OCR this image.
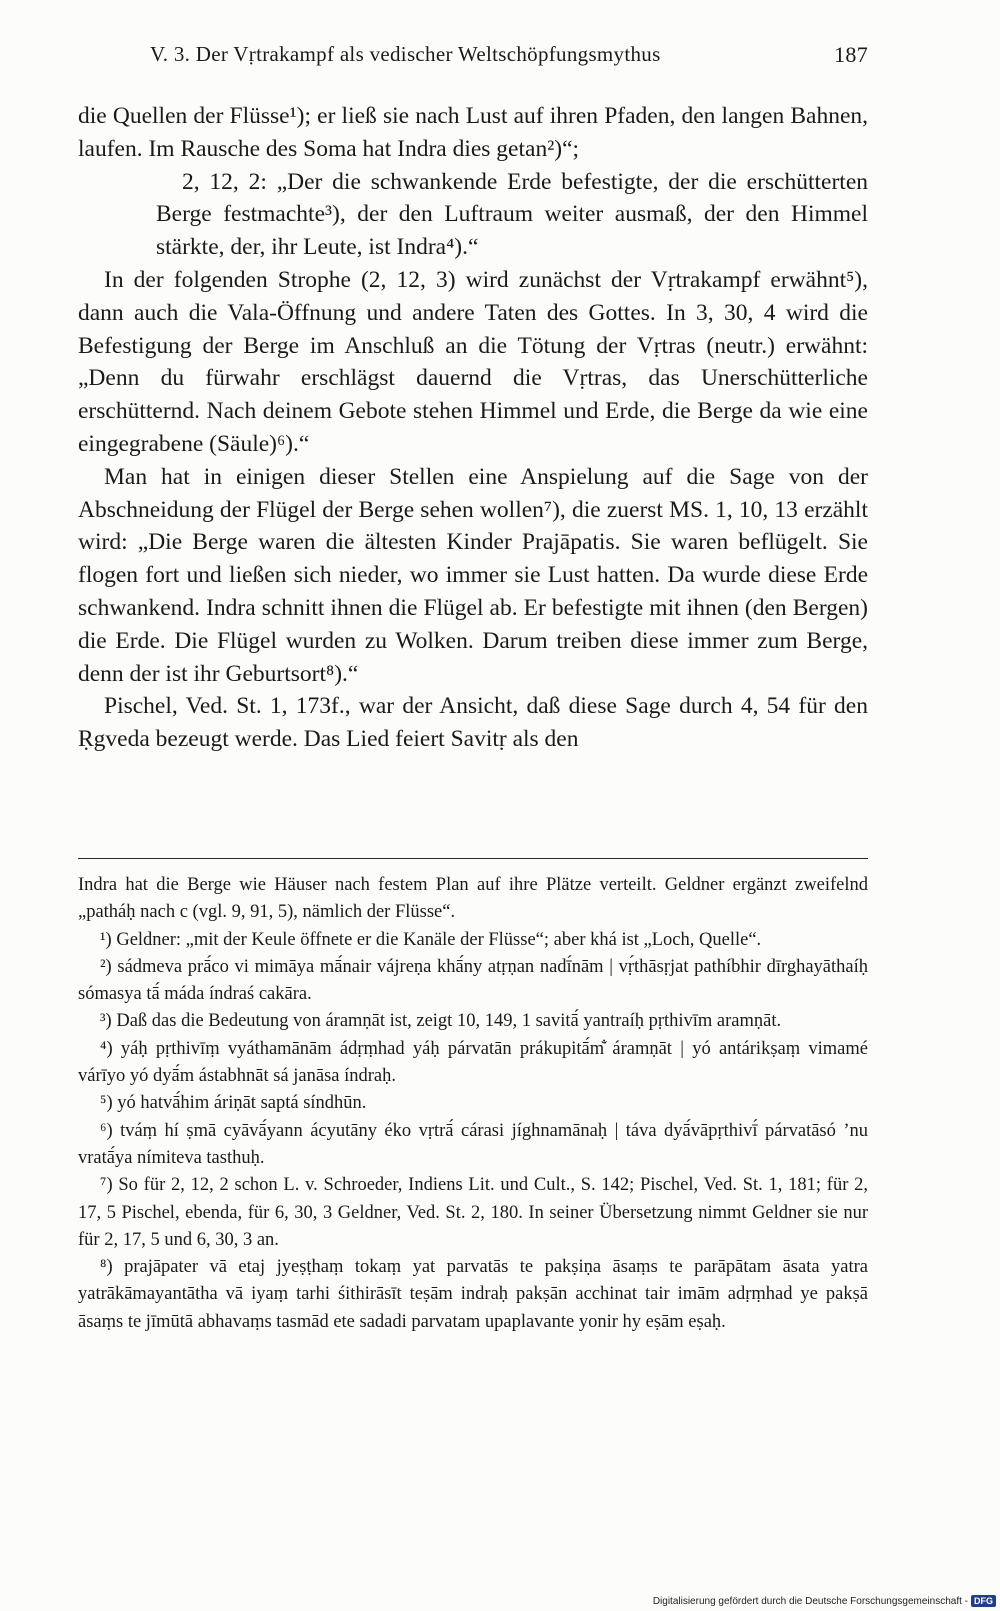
V. 3. Der Vṛtrakampf als vedischer Weltschöpfungsmythus	187

die Quellen der Flüsse¹); er ließ sie nach Lust auf ihren Pfaden, den langen Bahnen, laufen. Im Rausche des Soma hat Indra dies getan²)“;

2, 12, 2: „Der die schwankende Erde befestigte, der die erschütterten Berge festmachte³), der den Luftraum weiter ausmaß, der den Himmel stärkte, der, ihr Leute, ist Indra⁴).“

In der folgenden Strophe (2, 12, 3) wird zunächst der Vṛtrakampf erwähnt⁵), dann auch die Vala-Öffnung und andere Taten des Gottes. In 3, 30, 4 wird die Befestigung der Berge im Anschluß an die Tötung der Vṛtras (neutr.) erwähnt: „Denn du fürwahr erschlägst dauernd die Vṛtras, das Unerschütterliche erschütternd. Nach deinem Gebote stehen Himmel und Erde, die Berge da wie eine eingegrabene (Säule)⁶).“

Man hat in einigen dieser Stellen eine Anspielung auf die Sage von der Abschneidung der Flügel der Berge sehen wollen⁷), die zuerst MS. 1, 10, 13 erzählt wird: „Die Berge waren die ältesten Kinder Prajāpatis. Sie waren beflügelt. Sie flogen fort und ließen sich nieder, wo immer sie Lust hatten. Da wurde diese Erde schwankend. Indra schnitt ihnen die Flügel ab. Er befestigte mit ihnen (den Bergen) die Erde. Die Flügel wurden zu Wolken. Darum treiben diese immer zum Berge, denn der ist ihr Geburtsort⁸).“

Pischel, Ved. St. 1, 173f., war der Ansicht, daß diese Sage durch 4, 54 für den Ṛgveda bezeugt werde. Das Lied feiert Savitṛ als den

Indra hat die Berge wie Häuser nach festem Plan auf ihre Plätze verteilt. Geldner ergänzt zweifelnd „patháḥ nach c (vgl. 9, 91, 5), nämlich der Flüsse“.

¹) Geldner: „mit der Keule öffnete er die Kanäle der Flüsse“; aber khá ist „Loch, Quelle“.

²) sádmeva prā́co vi mimāya mā́nair vájreṇa khā́ny atṛṇan nadī́nām | vṛ́thāsṛjat pathíbhir dīrghayāthaíḥ sómasya tā́ máda índraś cakāra.

³) Daß das die Bedeutung von áramṇāt ist, zeigt 10, 149, 1 savitā́ yantraíḥ pṛthivīm aramṇāt.

⁴) yáḥ pṛthivīṃ vyáthamānām ádṛṃhad yáḥ párvatān prákupitā́m̐ áramṇāt | yó antárikṣaṃ vimamé várīyo yó dyā́m ástabhnāt sá janāsa índraḥ.

⁵) yó hatvā́him áriṇāt saptá síndhūn.

⁶) tváṃ hí ṣmā cyāvā́yann ácyutāny éko vṛtrā́ cárasi jíghnamānaḥ | táva dyā́vāpṛthivī́ párvatāsó ’nu vratā́ya nímiteva tasthuḥ.

⁷) So für 2, 12, 2 schon L. v. Schroeder, Indiens Lit. und Cult., S. 142; Pischel, Ved. St. 1, 181; für 2, 17, 5 Pischel, ebenda, für 6, 30, 3 Geldner, Ved. St. 2, 180. In seiner Übersetzung nimmt Geldner sie nur für 2, 17, 5 und 6, 30, 3 an.

⁸) prajāpater vā etaj jyeṣṭhaṃ tokaṃ yat parvatās te pakṣiṇa āsaṃs te parāpātam āsata yatra yatrākāmayantātha vā iyaṃ tarhi śithirāsīt teṣām indraḥ pakṣān acchinat tair imām adṛṃhad ye pakṣā āsaṃs te jīmūtā abhavaṃs tasmād ete sadadi parvatam upaplavante yonir hy eṣām eṣaḥ.

Digitalisierung gefördert durch die Deutsche Forschungsgemeinschaft - DFG
